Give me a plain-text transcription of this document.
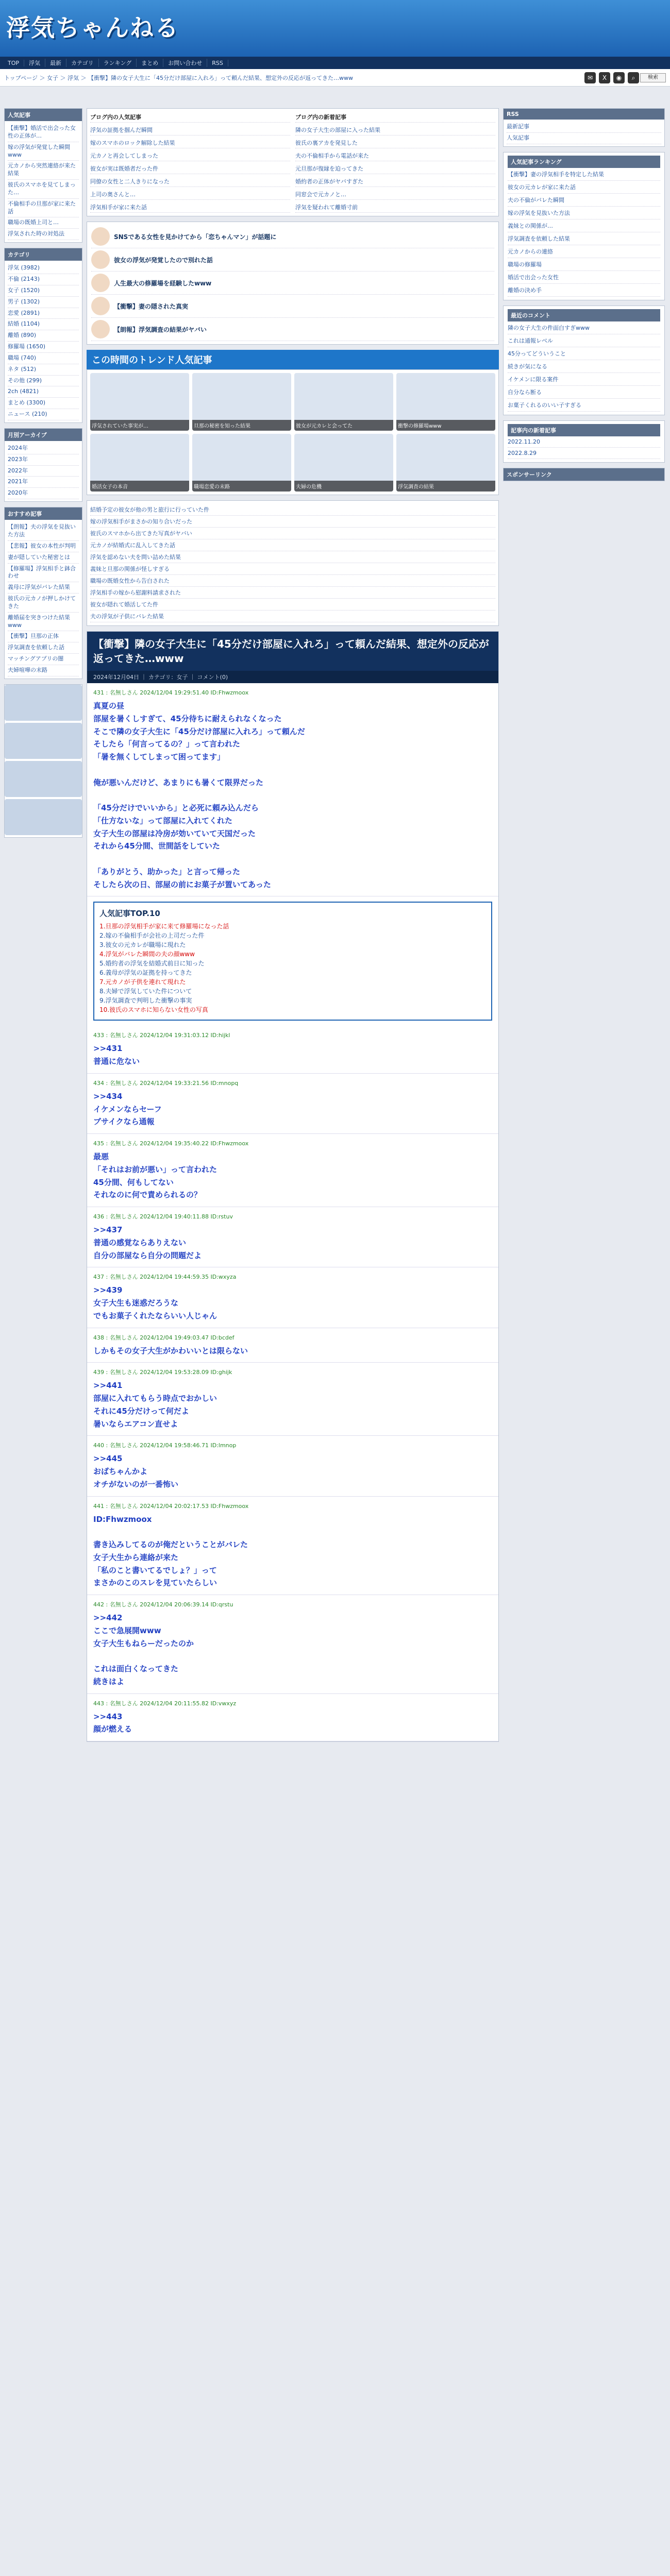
浮気ちゃんねる
TOP	浮気	最新	カテゴリ	ランキング	まとめ	お問い合わせ	RSS
トップページ ＞ 女子 ＞ 浮気 ＞ 【衝撃】隣の女子大生に「45分だけ部屋に入れろ」って頼んだ結果、想定外の反応が返ってきた…www	✉	X	◉	⌕	検索
人気記事
【衝撃】婚活で出会った女性の正体が…
嫁の浮気が発覚した瞬間www
元カノから突然連絡が来た結果
彼氏のスマホを見てしまった…
不倫相手の旦那が家に来た話
職場の既婚上司と…
浮気された時の対処法
カテゴリ
浮気 (3982)
不倫 (2143)
女子 (1520)
男子 (1302)
恋愛 (2891)
結婚 (1104)
離婚 (890)
修羅場 (1650)
職場 (740)
ネタ (512)
その他 (299)
2ch (4821)
まとめ (3300)
ニュース (210)
月別アーカイブ
2024年
2023年
2022年
2021年
2020年
おすすめ記事
【朗報】夫の浮気を見抜いた方法
【悲報】彼女の本性が判明
妻が隠していた秘密とは
【修羅場】浮気相手と鉢合わせ
義母に浮気がバレた結果
彼氏の元カノが押しかけてきた
離婚届を突きつけた結果www
【衝撃】旦那の正体
浮気調査を依頼した話
マッチングアプリの闇
夫婦喧嘩の末路
ブログ内の人気記事	ブログ内の新着記事
浮気の証拠を掴んだ瞬間	隣の女子大生の部屋に入った結果
嫁のスマホのロック解除した結果	彼氏の裏アカを発見した
元カノと再会してしまった	夫の不倫相手から電話が来た
彼女が実は既婚者だった件	元旦那が復縁を迫ってきた
同僚の女性と二人きりになった	婚約者の正体がヤバすぎた
上司の奥さんと…	同窓会で元カノと…
浮気相手が家に来た話	浮気を疑われて離婚寸前
SNSである女性を見かけてから「恋ちゃんマン」が話題に
彼女の浮気が発覚したので別れた話
人生最大の修羅場を経験したwww
【衝撃】妻の隠された真実
【朗報】浮気調査の結果がヤバい
この時間のトレンド人気記事
浮気されていた事実が…	旦那の秘密を知った結果	彼女が元カレと会ってた	衝撃の修羅場www
婚活女子の本音	職場恋愛の末路	夫婦の危機	浮気調査の結果
結婚予定の彼女が他の男と旅行に行っていた件
嫁の浮気相手がまさかの知り合いだった
彼氏のスマホから出てきた写真がヤバい
元カノが結婚式に乱入してきた話
浮気を認めない夫を問い詰めた結果
義妹と旦那の関係が怪しすぎる
職場の既婚女性から告白された
浮気相手の嫁から慰謝料請求された
彼女が隠れて婚活してた件
夫の浮気が子供にバレた結果
【衝撃】隣の女子大生に「45分だけ部屋に入れろ」って頼んだ結果、想定外の反応が返ってきた…www
2024年12月04日 ｜ カテゴリ：女子 ｜ コメント(0)
431 : 名無しさん 2024/12/04 19:29:51.40 ID:Fhwzmoox
真夏の昼
部屋を暑くしすぎて、45分待ちに耐えられなくなった
そこで隣の女子大生に「45分だけ部屋に入れろ」って頼んだ
そしたら「何言ってるの？」って言われた
「暑を無くしてしまって困ってます」

俺が悪いんだけど、あまりにも暑くて限界だった

「45分だけでいいから」と必死に頼み込んだら
「仕方ないな」って部屋に入れてくれた
女子大生の部屋は冷房が効いていて天国だった
それから45分間、世間話をしていた

「ありがとう、助かった」と言って帰った
そしたら次の日、部屋の前にお菓子が置いてあった
人気記事TOP.10
1.旦那の浮気相手が家に来て修羅場になった話
2.嫁の不倫相手が会社の上司だった件
3.彼女の元カレが職場に現れた
4.浮気がバレた瞬間の夫の顔www
5.婚約者の浮気を結婚式前日に知った
6.義母が浮気の証拠を持ってきた
7.元カノが子供を連れて現れた
8.夫婦で浮気していた件について
9.浮気調査で判明した衝撃の事実
10.彼氏のスマホに知らない女性の写真
433 : 名無しさん 2024/12/04 19:31:03.12 ID:hijkl
>>431
普通に危ない
434 : 名無しさん 2024/12/04 19:33:21.56 ID:mnopq
>>434
イケメンならセーフ
ブサイクなら通報
435 : 名無しさん 2024/12/04 19:35:40.22 ID:Fhwzmoox
最悪
「それはお前が悪い」って言われた
45分間、何もしてない
それなのに何で責められるの？
436 : 名無しさん 2024/12/04 19:40:11.88 ID:rstuv
>>437
普通の感覚ならありえない
自分の部屋なら自分の問題だよ
437 : 名無しさん 2024/12/04 19:44:59.35 ID:wxyza
>>439
女子大生も迷惑だろうな
でもお菓子くれたならいい人じゃん
438 : 名無しさん 2024/12/04 19:49:03.47 ID:bcdef
しかもその女子大生がかわいいとは限らない
439 : 名無しさん 2024/12/04 19:53:28.09 ID:ghijk
>>441
部屋に入れてもらう時点でおかしい
それに45分だけって何だよ
暑いならエアコン直せよ
440 : 名無しさん 2024/12/04 19:58:46.71 ID:lmnop
>>445
おばちゃんかよ
オチがないのが一番怖い
441 : 名無しさん 2024/12/04 20:02:17.53 ID:Fhwzmoox
ID:Fhwzmoox

書き込みしてるのが俺だということがバレた
女子大生から連絡が来た
「私のこと書いてるでしょ？」って
まさかのこのスレを見ていたらしい
442 : 名無しさん 2024/12/04 20:06:39.14 ID:qrstu
>>442
ここで急展開www
女子大生もねらーだったのか

これは面白くなってきた
続きはよ
443 : 名無しさん 2024/12/04 20:11:55.82 ID:vwxyz
>>443
顔が燃える
RSS
最新記事
人気記事
人気記事ランキング
【衝撃】妻の浮気相手を特定した結果
彼女の元カレが家に来た話
夫の不倫がバレた瞬間
嫁の浮気を見抜いた方法
義妹との関係が…
浮気調査を依頼した結果
元カノからの連絡
職場の修羅場
婚活で出会った女性
離婚の決め手
最近のコメント
隣の女子大生の件面白すぎwww
これは通報レベル
45分ってどういうこと
続きが気になる
イケメンに限る案件
自分なら断る
お菓子くれるのいい子すぎる
記事内の新着記事
2022.11.20
2022.8.29
スポンサーリンク
